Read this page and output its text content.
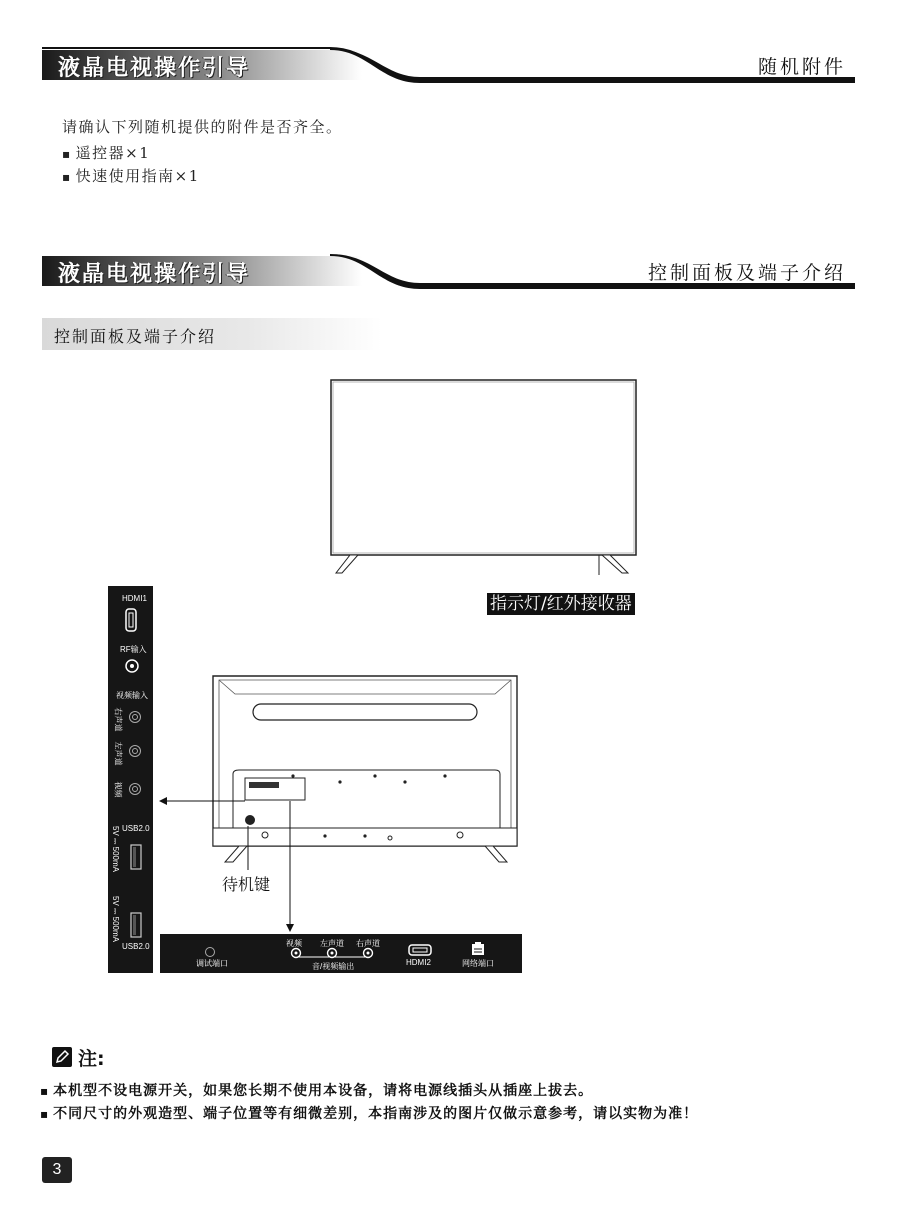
液晶电视操作引导	随机附件
请确认下列随机提供的附件是否齐全。
▪ 遥控器×1
▪ 快速使用指南×1
液晶电视操作引导	控制面板及端子介绍
控制面板及端子介绍
指示灯/红外接收器
HDMI1
RF输入
视频输入
右声道
左声道
视频
USB2.0
5V ⎓ 500mA
5V ⎓ 500mA
USB2.0
待机键
调试端口
视频 左声道 右声道
音/视频输出	HDMI2	网络端口
注:
▪ 本机型不设电源开关，如果您长期不使用本设备，请将电源线插头从插座上拔去。
▪ 不同尺寸的外观造型、端子位置等有细微差别，本指南涉及的图片仅做示意参考，请以实物为准！
3
